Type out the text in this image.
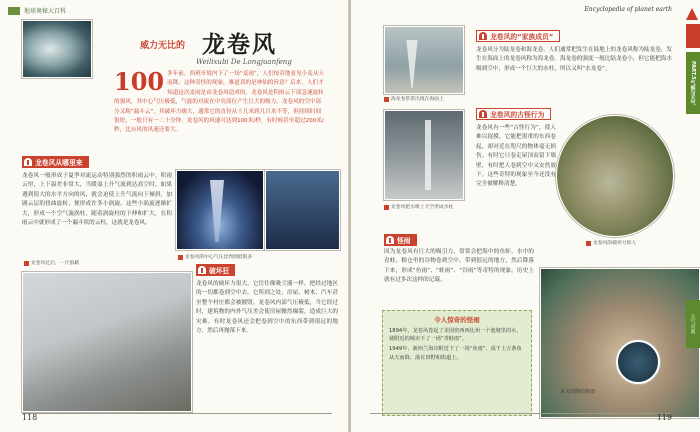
地球奥秘大百科
威力无比的 龙卷风
Weilixubi De Longjuanfeng
100 多年前，西班牙境内下了一场“麦雨”，人们惊奇地看见小麦从天而降。这种奇怪的现象，难道真的是神仙的旨意？后来，人们才知道这次麦雨是由龙卷风造成的。龙卷风是积雨云下部急速旋转的强风，其中心气压极低，气旋的对流在中央部位产生巨大的吸力。龙卷风的空中部分又称“漏斗云”，其破坏力极大，通常它的直径从十几米到几百米不等，但持续时间很短，一般只有一二十分钟。龙卷风的风速可达到100米/秒，有时候甚至超过200米/秒，比台风的风速还要大。
龙卷风从哪里来
龙卷风一般形成于夏季对流运动特别强烈的积雨云中。积雨云里，上下温差非常大，当暖湿上升气流到达高空时，如果遇到很大的水平方向的风，就会迫使上升气流向下倾斜，加剧云层的扭曲旋转，便形成许多小涡旋。这些小涡旋逐渐扩大，形成一个空气漩涡柱，随着涡旋柱的下伸和扩大，在积雨云中就形成了一个漏斗状的云柱，这就是龙卷风。
龙卷风的中心气压比周围低很多
龙卷风过后，一片狼藉
破坏狂
龙卷风的破坏力很大，它往往像吸尘器一样，把经过地区的一切都卷到空中去。它所到之处，房屋、树木、汽车甚至整个村庄都会被摧毁。龙卷风内部气压极低，当它经过时，建筑物的内外气压差会使房屋骤然爆裂，造成巨大的灾难。有时龙卷风还会把卷到空中的东西带到很远的地方，然后再抛落下来。
118
Encyclopedia of planet earth
海龙卷常常出现在海面上
龙卷风把水吸上天空形成水柱
龙卷风的“家族成员”
龙卷风分为陆龙卷和海龙卷。人们通常把发生在陆地上的龙卷风称为陆龙卷，发生在海面上的龙卷风称为海龙卷。海龙卷的强度一般比陆龙卷小，但它能把海水吸到空中，形成一个巨大的水柱，所以又叫“水龙卷”。
龙卷风的古怪行为
龙卷风有一些“古怪行为”，使人难以捉摸。它能把很重的东西卷起，却对近在咫尺的物体毫无损伤。有时它只卷走屋顶而留下墙壁，有时把人卷到空中又安然放下。这些奇特的现象至今还没有完全被解释清楚。
龙卷风的破坏力惊人
怪雨
因为龙卷风有巨大的吸引力，常常会把海中的鱼虾、水中的青蛙、粮仓里的谷物卷到空中，带到很远的地方，然后降落下来，形成“鱼雨”、“蛙雨”、“谷雨”等奇特的现象。历史上就有过多次这样的记载。
令人惊奇的怪雨

1894年，龙卷风卷起了美国密西西比州一个池塘里的水，使附近的城市下了一场“青蛙雨”。

1949年，新西兰海岸附近下了一场“鱼雨”，成千上万条鱼从天而降，落在田野和街道上。

从天而降的鱼雨
PART.5
气候与天气
天气奇观
119
